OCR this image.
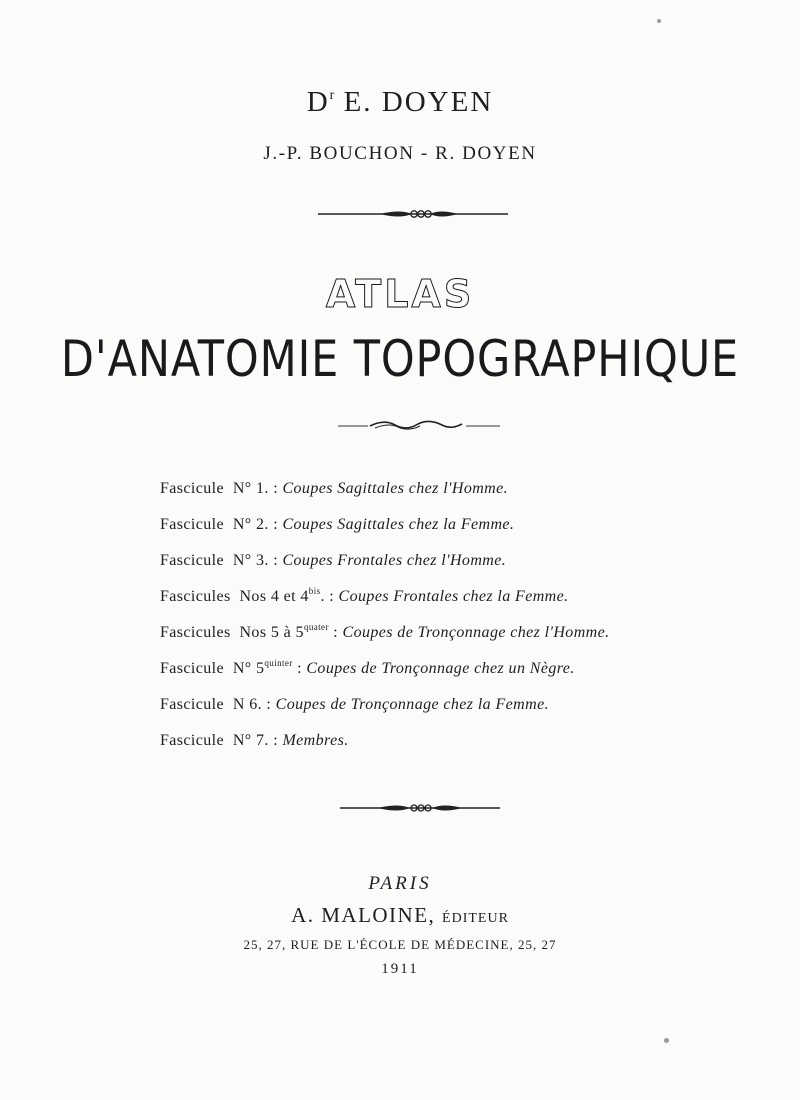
$D^r$ E. DOYEN
J.-P. BOUCHON - R. DOYEN
ATLAS
D'ANATOMIE TOPOGRAPHIQUE
Fascicule N° 1. : Coupes Sagittales chez l'Homme.
Fascicule N° 2. : Coupes Sagittales chez la Femme.
Fascicule N° 3. : Coupes Frontales chez l'Homme.
Fascicules Nos 4 et $4^{bis}$. : Coupes Frontales chez la Femme.
Fascicules Nos 5 à $5^{quater}$ : Coupes de Tronçonnage chez l'Homme.
Fascicule N° $5^{quinter}$ : Coupes de Tronçonnage chez un Nègre.
Fascicule N 6. : Coupes de Tronçonnage chez la Femme.
Fascicule N° 7. : Membres.
PARIS
A. MALOINE, ÉDITEUR
25, 27, RUE DE L'ÉCOLE DE MÉDECINE, 25, 27
1911
